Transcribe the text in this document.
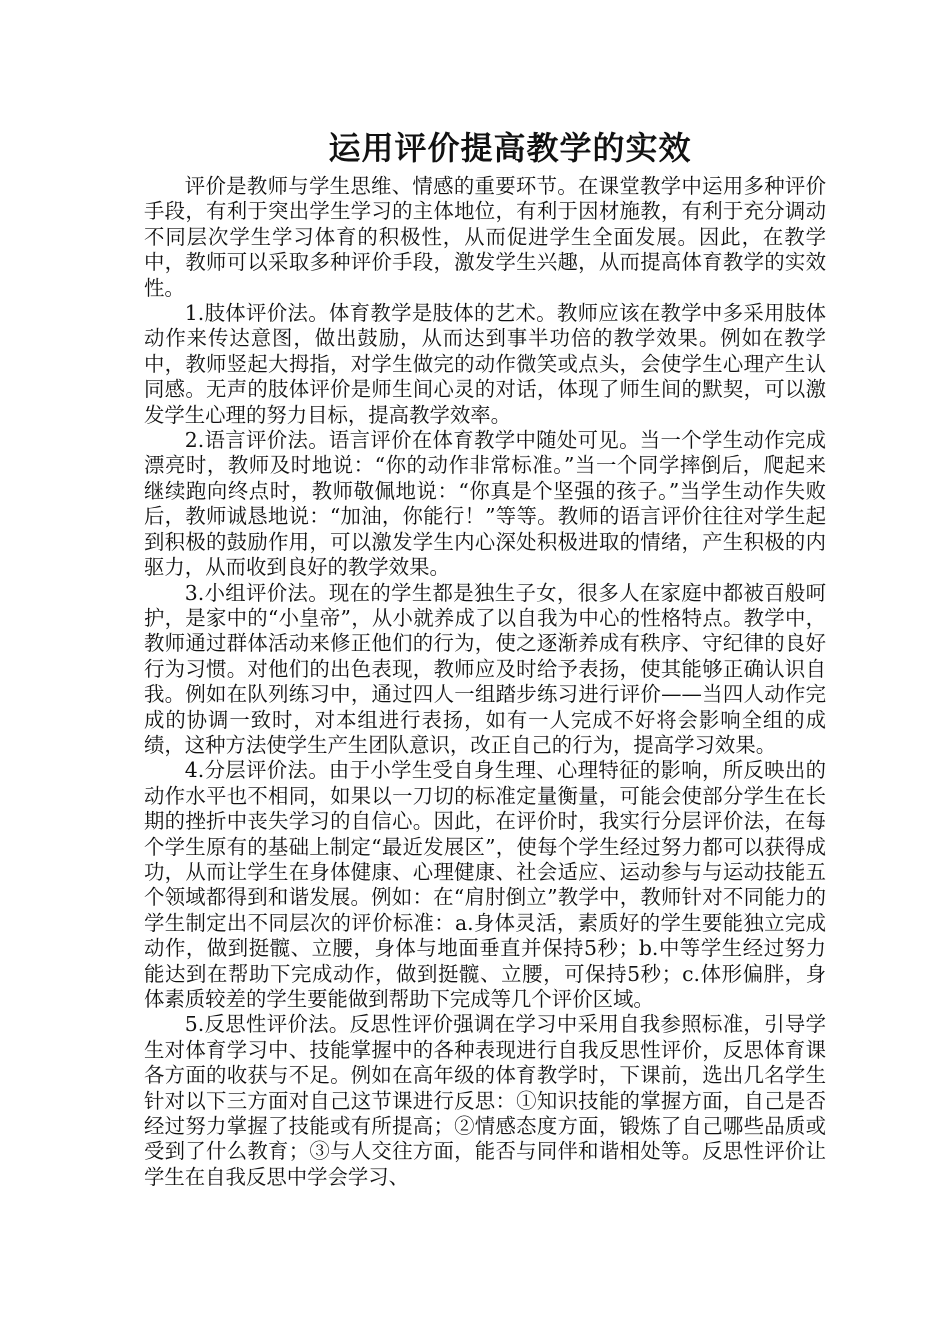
运用评价提高教学的实效

评价是教师与学生思维、情感的重要环节。在课堂教学中运用多种评价手段，有利于突出学生学习的主体地位，有利于因材施教，有利于充分调动不同层次学生学习体育的积极性，从而促进学生全面发展。因此，在教学中，教师可以采取多种评价手段，激发学生兴趣，从而提高体育教学的实效性。

1.肢体评价法。体育教学是肢体的艺术。教师应该在教学中多采用肢体动作来传达意图，做出鼓励，从而达到事半功倍的教学效果。例如在教学中，教师竖起大拇指，对学生做完的动作微笑或点头，会使学生心理产生认同感。无声的肢体评价是师生间心灵的对话，体现了师生间的默契，可以激发学生心理的努力目标，提高教学效率。

2.语言评价法。语言评价在体育教学中随处可见。当一个学生动作完成漂亮时，教师及时地说：“你的动作非常标准。”当一个同学摔倒后，爬起来继续跑向终点时，教师敬佩地说：“你真是个坚强的孩子。”当学生动作失败后，教师诚恳地说：“加油，你能行！”等等。教师的语言评价往往对学生起到积极的鼓励作用，可以激发学生内心深处积极进取的情绪，产生积极的内驱力，从而收到良好的教学效果。

3.小组评价法。现在的学生都是独生子女，很多人在家庭中都被百般呵护，是家中的“小皇帝”，从小就养成了以自我为中心的性格特点。教学中，教师通过群体活动来修正他们的行为，使之逐渐养成有秩序、守纪律的良好行为习惯。对他们的出色表现，教师应及时给予表扬，使其能够正确认识自我。例如在队列练习中，通过四人一组踏步练习进行评价——当四人动作完成的协调一致时，对本组进行表扬，如有一人完成不好将会影响全组的成绩，这种方法使学生产生团队意识，改正自己的行为，提高学习效果。

4.分层评价法。由于小学生受自身生理、心理特征的影响，所反映出的动作水平也不相同，如果以一刀切的标准定量衡量，可能会使部分学生在长期的挫折中丧失学习的自信心。因此，在评价时，我实行分层评价法，在每个学生原有的基础上制定“最近发展区”，使每个学生经过努力都可以获得成功，从而让学生在身体健康、心理健康、社会适应、运动参与与运动技能五个领域都得到和谐发展。例如：在“肩肘倒立”教学中，教师针对不同能力的学生制定出不同层次的评价标准：a.身体灵活，素质好的学生要能独立完成动作，做到挺髋、立腰，身体与地面垂直并保持5秒；b.中等学生经过努力能达到在帮助下完成动作，做到挺髋、立腰，可保持5秒；c.体形偏胖，身体素质较差的学生要能做到帮助下完成等几个评价区域。

5.反思性评价法。反思性评价强调在学习中采用自我参照标准，引导学生对体育学习中、技能掌握中的各种表现进行自我反思性评价，反思体育课各方面的收获与不足。例如在高年级的体育教学时，下课前，选出几名学生针对以下三方面对自己这节课进行反思：①知识技能的掌握方面，自己是否经过努力掌握了技能或有所提高；②情感态度方面，锻炼了自己哪些品质或受到了什么教育；③与人交往方面，能否与同伴和谐相处等。反思性评价让学生在自我反思中学会学习、
